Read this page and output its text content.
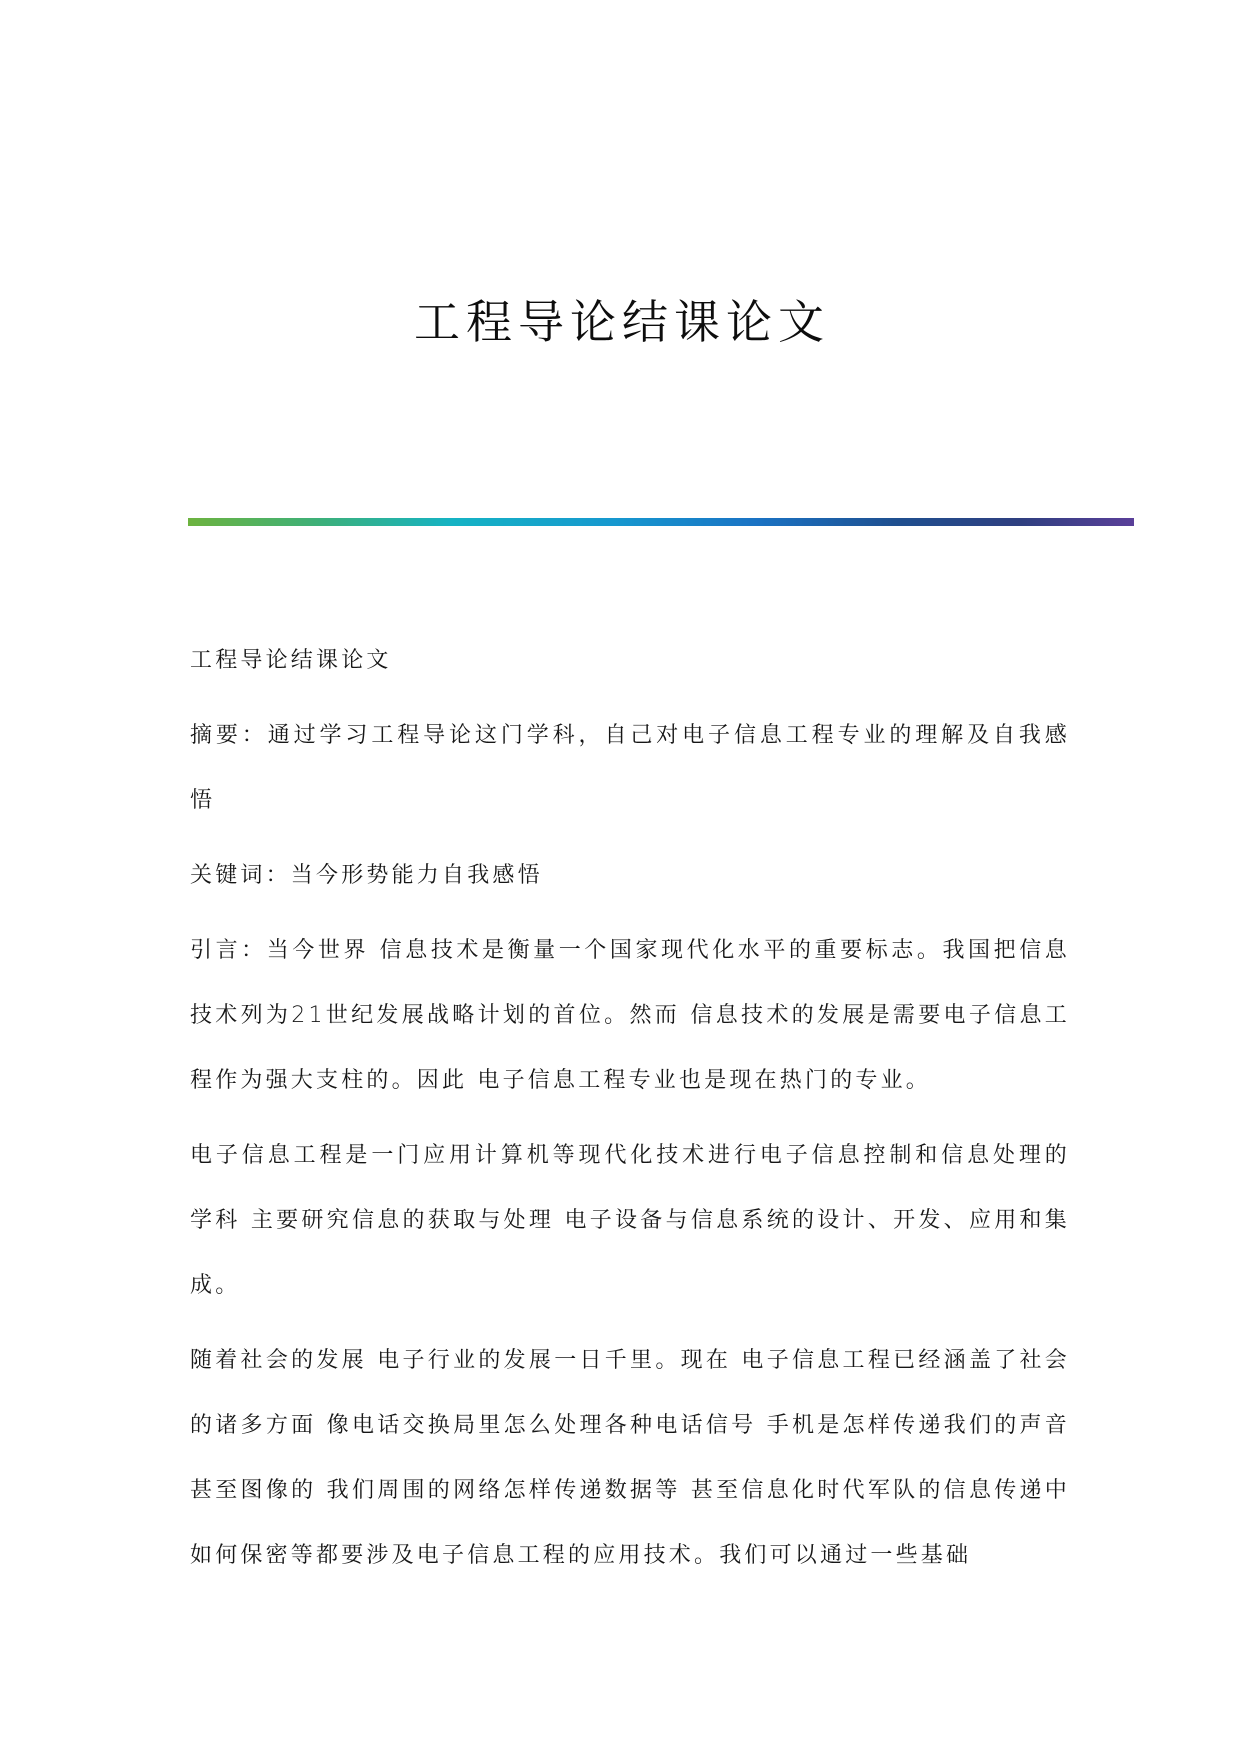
工程导论结课论文

工程导论结课论文

摘要：通过学习工程导论这门学科，自己对电子信息工程专业的理解及自我感悟

关键词：当今形势能力自我感悟

引言：当今世界 信息技术是衡量一个国家现代化水平的重要标志。我国把信息技术列为21世纪发展战略计划的首位。然而 信息技术的发展是需要电子信息工程作为强大支柱的。因此 电子信息工程专业也是现在热门的专业。

电子信息工程是一门应用计算机等现代化技术进行电子信息控制和信息处理的学科 主要研究信息的获取与处理 电子设备与信息系统的设计、开发、应用和集成。

随着社会的发展 电子行业的发展一日千里。现在 电子信息工程已经涵盖了社会的诸多方面 像电话交换局里怎么处理各种电话信号 手机是怎样传递我们的声音甚至图像的 我们周围的网络怎样传递数据等 甚至信息化时代军队的信息传递中如何保密等都要涉及电子信息工程的应用技术。我们可以通过一些基础
